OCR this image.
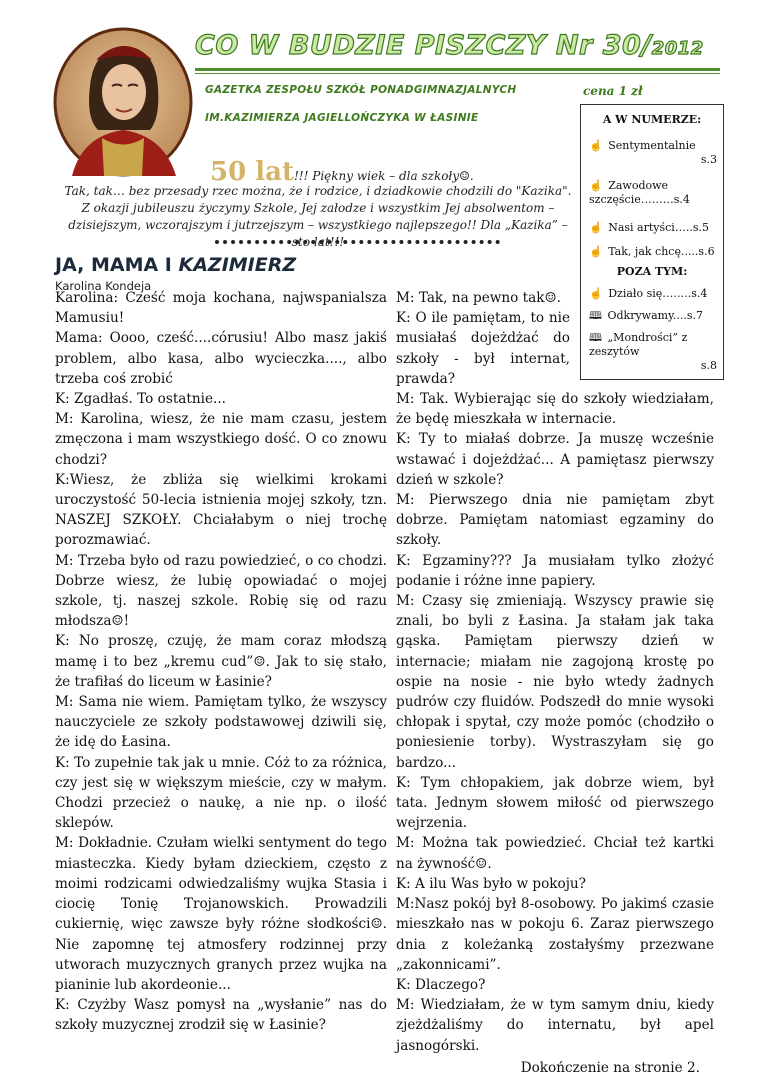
CO W BUDZIE PISZCZY Nr 30/2012
GAZETKA ZESPOŁU SZKÓŁ PONADGIMNAZJALNYCH
IM.KAZIMIERZA JAGIELLOŃCZYKA W ŁASINIE
cena 1 zł
A W NUMERZE:
☝ Sentymentalnie
s.3
☝ Zawodowe szczęście………s.4
☝ Nasi artyści…..s.5
☝ Tak, jak chcę.....s.6
POZA TYM:
☝ Działo się……..s.4
🕮 Odkrywamy....s.7
🕮 „Mondrości” z zeszytów
s.8
50 lat!!! Piękny wiek – dla szkoły☺.
Tak, tak… bez przesady rzec można, że i rodzice, i dziadkowie chodzili do "Kazika". Z okazji jubileuszu życzymy Szkole, Jej załodze i wszystkim Jej absolwentom – dzisiejszym, wczorajszym i jutrzejszym – wszystkiego najlepszego!! Dla „Kazika” – sto lat!!!
JA, MAMA I KAZIMIERZ
Karolina Kondeja

Karolina: Cześć moja kochana, najwspanialsza Mamusiu!

Mama: Oooo, cześć....córusiu! Albo masz jakiś problem, albo kasa, albo wycieczka...., albo trzeba coś zrobić

K: Zgadłaś. To ostatnie...

M: Karolina, wiesz, że nie mam czasu, jestem zmęczona i mam wszystkiego dość. O co znowu chodzi?

K:Wiesz, że zbliża się wielkimi krokami uroczystość 50-lecia istnienia mojej szkoły, tzn. NASZEJ SZKOŁY. Chciałabym o niej trochę porozmawiać.

M: Trzeba było od razu powiedzieć, o co chodzi. Dobrze wiesz, że lubię opowiadać o mojej szkole, tj. naszej szkole. Robię się od razu młodsza☺!

K: No proszę, czuję, że mam coraz młodszą mamę i to bez „kremu cud”☺. Jak to się stało, że trafiłaś do liceum w Łasinie?

M: Sama nie wiem. Pamiętam tylko, że wszyscy nauczyciele ze szkoły podstawowej dziwili się, że idę do Łasina.

K: To zupełnie tak jak u mnie. Cóż to za różnica, czy jest się w większym mieście, czy w małym. Chodzi przecież o naukę, a nie np. o ilość sklepów.

M: Dokładnie. Czułam wielki sentyment do tego miasteczka. Kiedy byłam dzieckiem, często z moimi rodzicami odwiedzaliśmy wujka Stasia i ciocię Tonię Trojanowskich. Prowadzili cukiernię, więc zawsze były różne słodkości☺. Nie zapomnę tej atmosfery rodzinnej przy utworach muzycznych granych przez wujka na pianinie lub akordeonie...

K: Czyżby Wasz pomysł na „wysłanie” nas do szkoły muzycznej zrodził się w Łasinie?

M: Tak, na pewno tak☺.

K: O ile pamiętam, to nie musiałaś dojeżdżać do szkoły - był internat, prawda?

M: Tak. Wybierając się do szkoły wiedziałam, że będę mieszkała w internacie.

K: Ty to miałaś dobrze. Ja muszę wcześnie wstawać i dojeżdżać... A pamiętasz pierwszy dzień w szkole?

M: Pierwszego dnia nie pamiętam zbyt dobrze. Pamiętam natomiast egzaminy do szkoły.

K: Egzaminy??? Ja musiałam tylko złożyć podanie i różne inne papiery.

M: Czasy się zmieniają. Wszyscy prawie się znali, bo byli z Łasina. Ja stałam jak taka gąska. Pamiętam pierwszy dzień w internacie; miałam nie zagojoną krostę po ospie na nosie - nie było wtedy żadnych pudrów czy fluidów. Podszedł do mnie wysoki chłopak i spytał, czy może pomóc (chodziło o poniesienie torby). Wystraszyłam się go bardzo...

K: Tym chłopakiem, jak dobrze wiem, był tata. Jednym słowem miłość od pierwszego wejrzenia.

M: Można tak powiedzieć. Chciał też kartki na żywność☺.

K: A ilu Was było w pokoju?

M:Nasz pokój był 8-osobowy. Po jakimś czasie mieszkało nas w pokoju 6. Zaraz pierwszego dnia z koleżanką zostałyśmy przezwane „zakonnicami”.

K: Dlaczego?

M: Wiedziałam, że w tym samym dniu, kiedy zjeżdżaliśmy do internatu, był apel jasnogórski.

Dokończenie na stronie 2.
